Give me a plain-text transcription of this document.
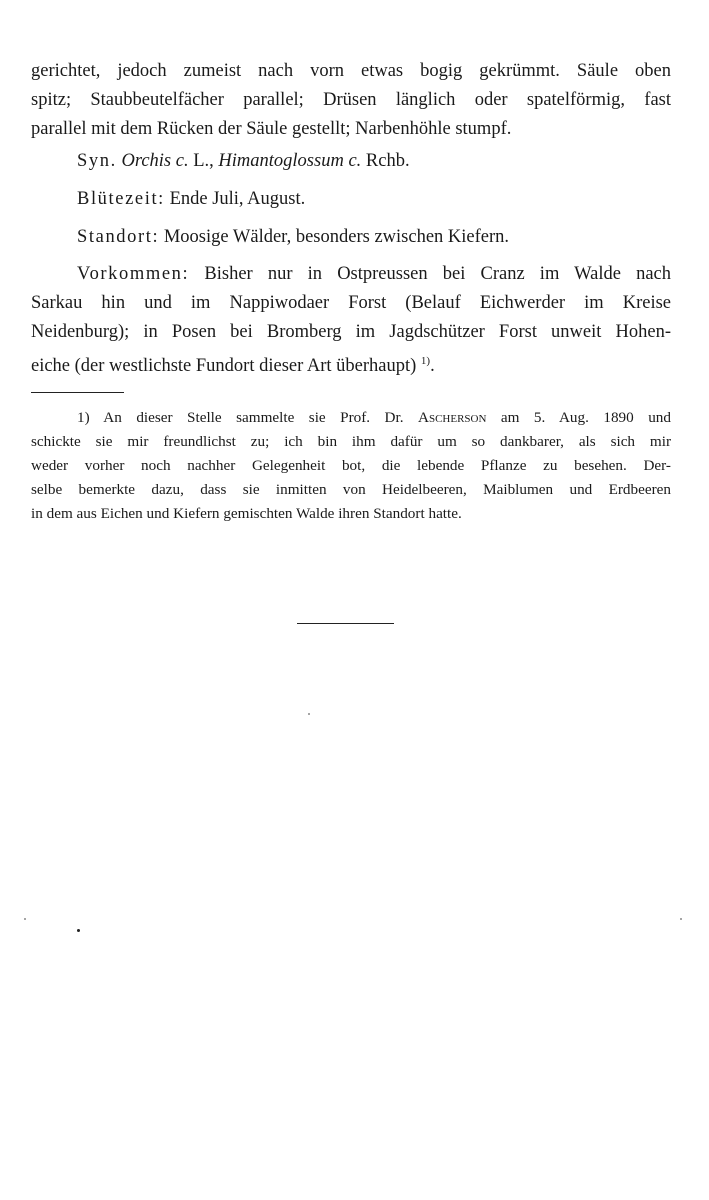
gerichtet, jedoch zumeist nach vorn etwas bogig gekrümmt. Säule oben
spitz; Staubbeutelfächer parallel; Drüsen länglich oder spatelförmig, fast
parallel mit dem Rücken der Säule gestellt; Narbenhöhle stumpf.
Syn. Orchis c. L., Himantoglossum c. Rchb.
Blütezeit: Ende Juli, August.
Standort: Moosige Wälder, besonders zwischen Kiefern.
Vorkommen: Bisher nur in Ostpreussen bei Cranz im Walde nach
Sarkau hin und im Nappiwodaer Forst (Belauf Eichwerder im Kreise
Neidenburg); in Posen bei Bromberg im Jagdschützer Forst unweit Hohen-
eiche (der westlichste Fundort dieser Art überhaupt) $^{1)}$.
1) An dieser Stelle sammelte sie Prof. Dr. Ascherson am 5. Aug. 1890 und
schickte sie mir freundlichst zu; ich bin ihm dafür um so dankbarer, als sich mir
weder vorher noch nachher Gelegenheit bot, die lebende Pflanze zu besehen. Der-
selbe bemerkte dazu, dass sie inmitten von Heidelbeeren, Maiblumen und Erdbeeren
in dem aus Eichen und Kiefern gemischten Walde ihren Standort hatte.
